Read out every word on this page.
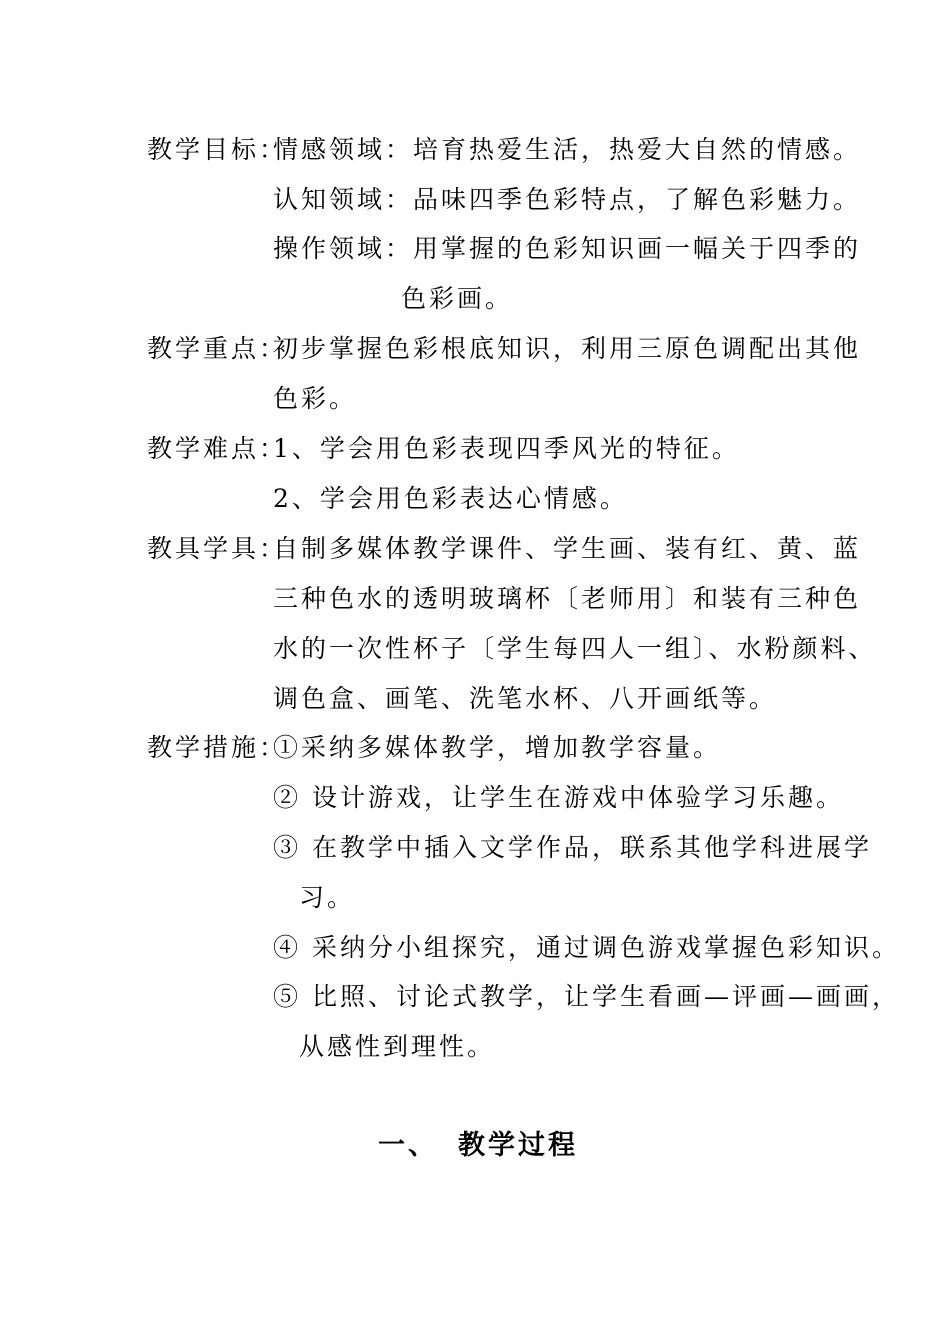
教学目标：
情感领域：培育热爱生活，热爱大自然的情感。
认知领域：品味四季色彩特点，了解色彩魅力。
操作领域：用掌握的色彩知识画一幅关于四季的
色彩画。
教学重点：
初步掌握色彩根底知识，利用三原色调配出其他
色彩。
教学难点：
1、学会用色彩表现四季风光的特征。
2、学会用色彩表达心情感。
教具学具：
自制多媒体教学课件、学生画、装有红、黄、蓝
三种色水的透明玻璃杯〔老师用〕和装有三种色
水的一次性杯子〔学生每四人一组〕、水粉颜料、
调色盒、画笔、洗笔水杯、八开画纸等。
教学措施：
①采纳多媒体教学，增加教学容量。
② 设计游戏，让学生在游戏中体验学习乐趣。
③ 在教学中插入文学作品，联系其他学科进展学
习。
④ 采纳分小组探究，通过调色游戏掌握色彩知识。
⑤ 比照、讨论式教学，让学生看画—评画—画画，
从感性到理性。
一、 教学过程
